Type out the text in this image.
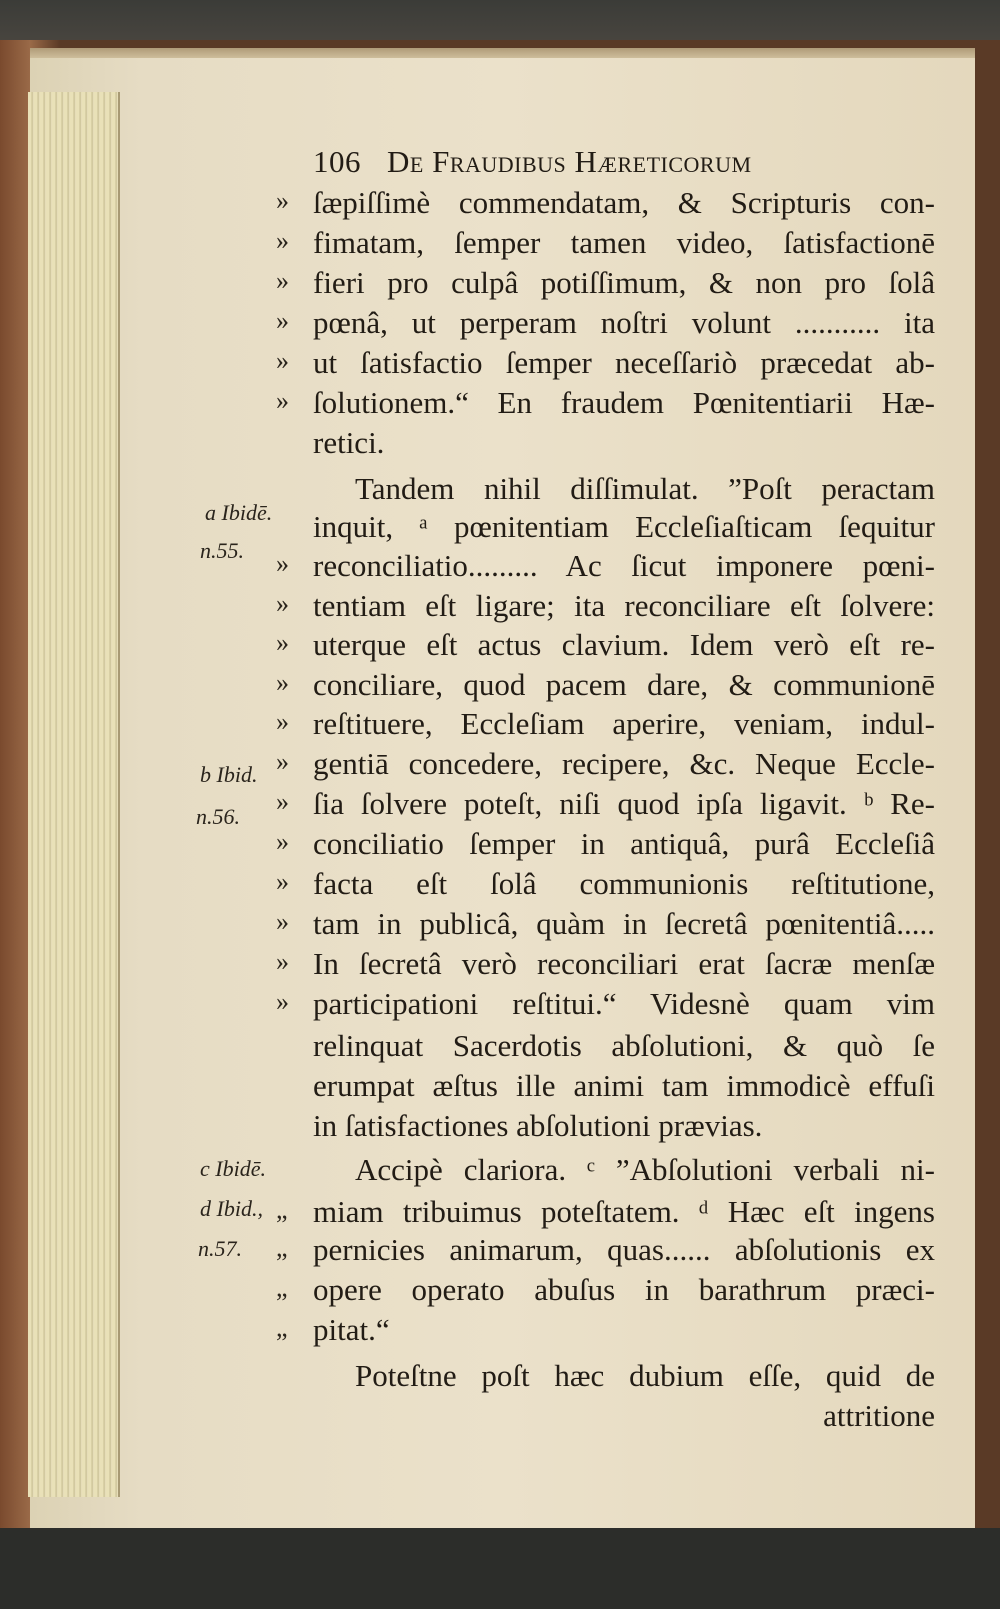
106 De Fraudibus Hæreticorum
» ſæpiſſimè commendatam, & Scripturis con-
» fimatam, ſemper tamen video, ſatisfactionē
» fieri pro culpâ potiſſimum, & non pro ſolâ
» pœnâ, ut perperam noſtri volunt ........... ita
» ut ſatisfactio ſemper neceſſariò præcedat ab-
» ſolutionem.“ En fraudem Pœnitentiarii Hæ-
retici.
Tandem nihil diſſimulat. ”Poſt peractam
inquit, ᵃ pœnitentiam Eccleſiaſticam ſequitur
» reconciliatio......... Ac ſicut imponere pœni-
» tentiam eſt ligare; ita reconciliare eſt ſolvere:
» uterque eſt actus clavium. Idem verò eſt re-
» conciliare, quod pacem dare, & communionē
» reſtituere, Eccleſiam aperire, veniam, indul-
» gentiā concedere, recipere, &c. Neque Eccle-
» ſia ſolvere poteſt, niſi quod ipſa ligavit. ᵇ Re-
» conciliatio ſemper in antiquâ, purâ Eccleſiâ
» facta eſt ſolâ communionis reſtitutione,
» tam in publicâ, quàm in ſecretâ pœnitentiâ.....
» In ſecretâ verò reconciliari erat ſacræ menſæ
» participationi reſtitui.“ Videsnè quam vim
relinquat Sacerdotis abſolutioni, & quò ſe
erumpat æſtus ille animi tam immodicè effuſi
in ſatisfactiones abſolutioni prævias.
Accipè clariora. ᶜ ”Abſolutioni verbali ni-
„ miam tribuimus poteſtatem. ᵈ Hæc eſt ingens
„ pernicies animarum, quas...... abſolutionis ex
„ opere operato abuſus in barathrum præci-
„ pitat.“
Poteſtne poſt hæc dubium eſſe, quid de
a Ibidē.
n.55.
b Ibid.
n.56.
c Ibidē.
d Ibid.,
n.57.
attritione
